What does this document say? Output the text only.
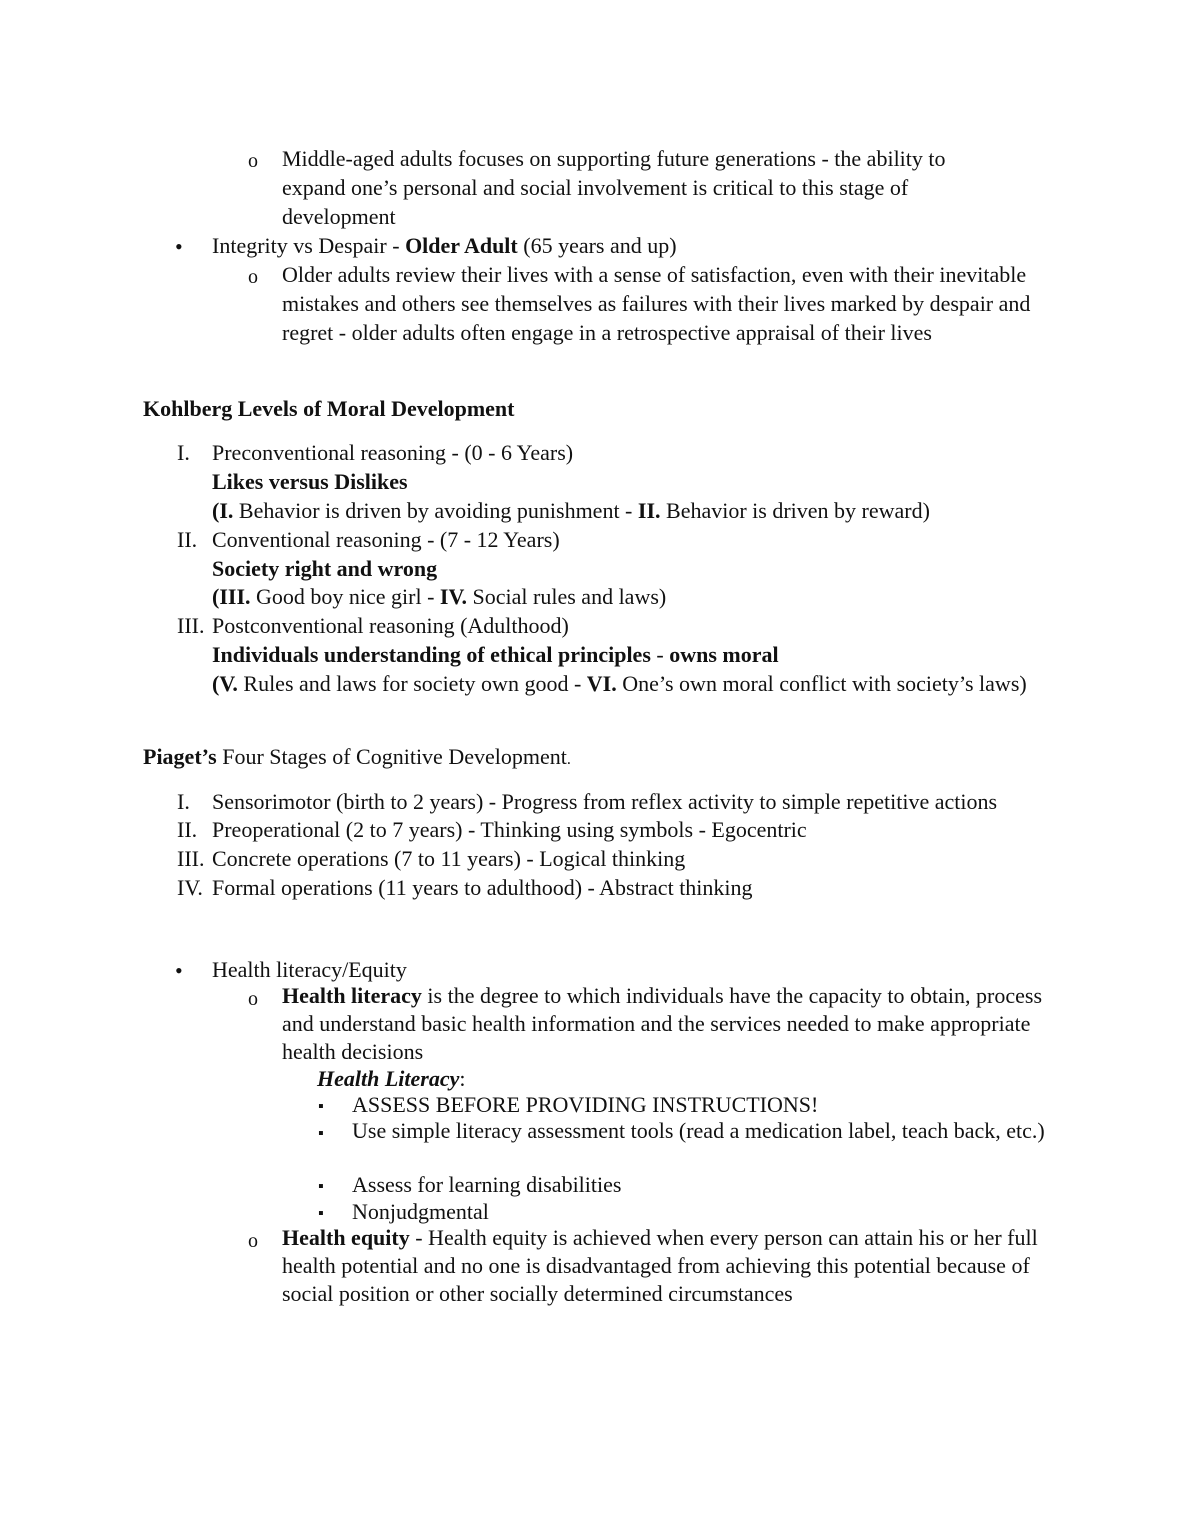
o Middle-aged adults focuses on supporting future generations - the ability to expand one’s personal and social involvement is critical to this stage of development
• Integrity vs Despair - Older Adult (65 years and up)
o Older adults review their lives with a sense of satisfaction, even with their inevitable mistakes and others see themselves as failures with their lives marked by despair and regret - older adults often engage in a retrospective appraisal of their lives
Kohlberg Levels of Moral Development
I. Preconventional reasoning - (0 - 6 Years)
Likes versus Dislikes
(I. Behavior is driven by avoiding punishment - II. Behavior is driven by reward)
II. Conventional reasoning - (7 - 12 Years)
Society right and wrong
(III. Good boy nice girl - IV. Social rules and laws)
III. Postconventional reasoning (Adulthood)
Individuals understanding of ethical principles - owns moral
(V. Rules and laws for society own good - VI. One’s own moral conflict with society’s laws)
Piaget’s Four Stages of Cognitive Development.
I. Sensorimotor (birth to 2 years) - Progress from reflex activity to simple repetitive actions
II. Preoperational (2 to 7 years) - Thinking using symbols - Egocentric
III. Concrete operations (7 to 11 years) - Logical thinking
IV. Formal operations (11 years to adulthood) - Abstract thinking
• Health literacy/Equity
o Health literacy is the degree to which individuals have the capacity to obtain, process and understand basic health information and the services needed to make appropriate health decisions
Health Literacy:
▪ ASSESS BEFORE PROVIDING INSTRUCTIONS!
▪ Use simple literacy assessment tools (read a medication label, teach back, etc.)
▪ Assess for learning disabilities
▪ Nonjudgmental
o Health equity - Health equity is achieved when every person can attain his or her full health potential and no one is disadvantaged from achieving this potential because of social position or other socially determined circumstances
